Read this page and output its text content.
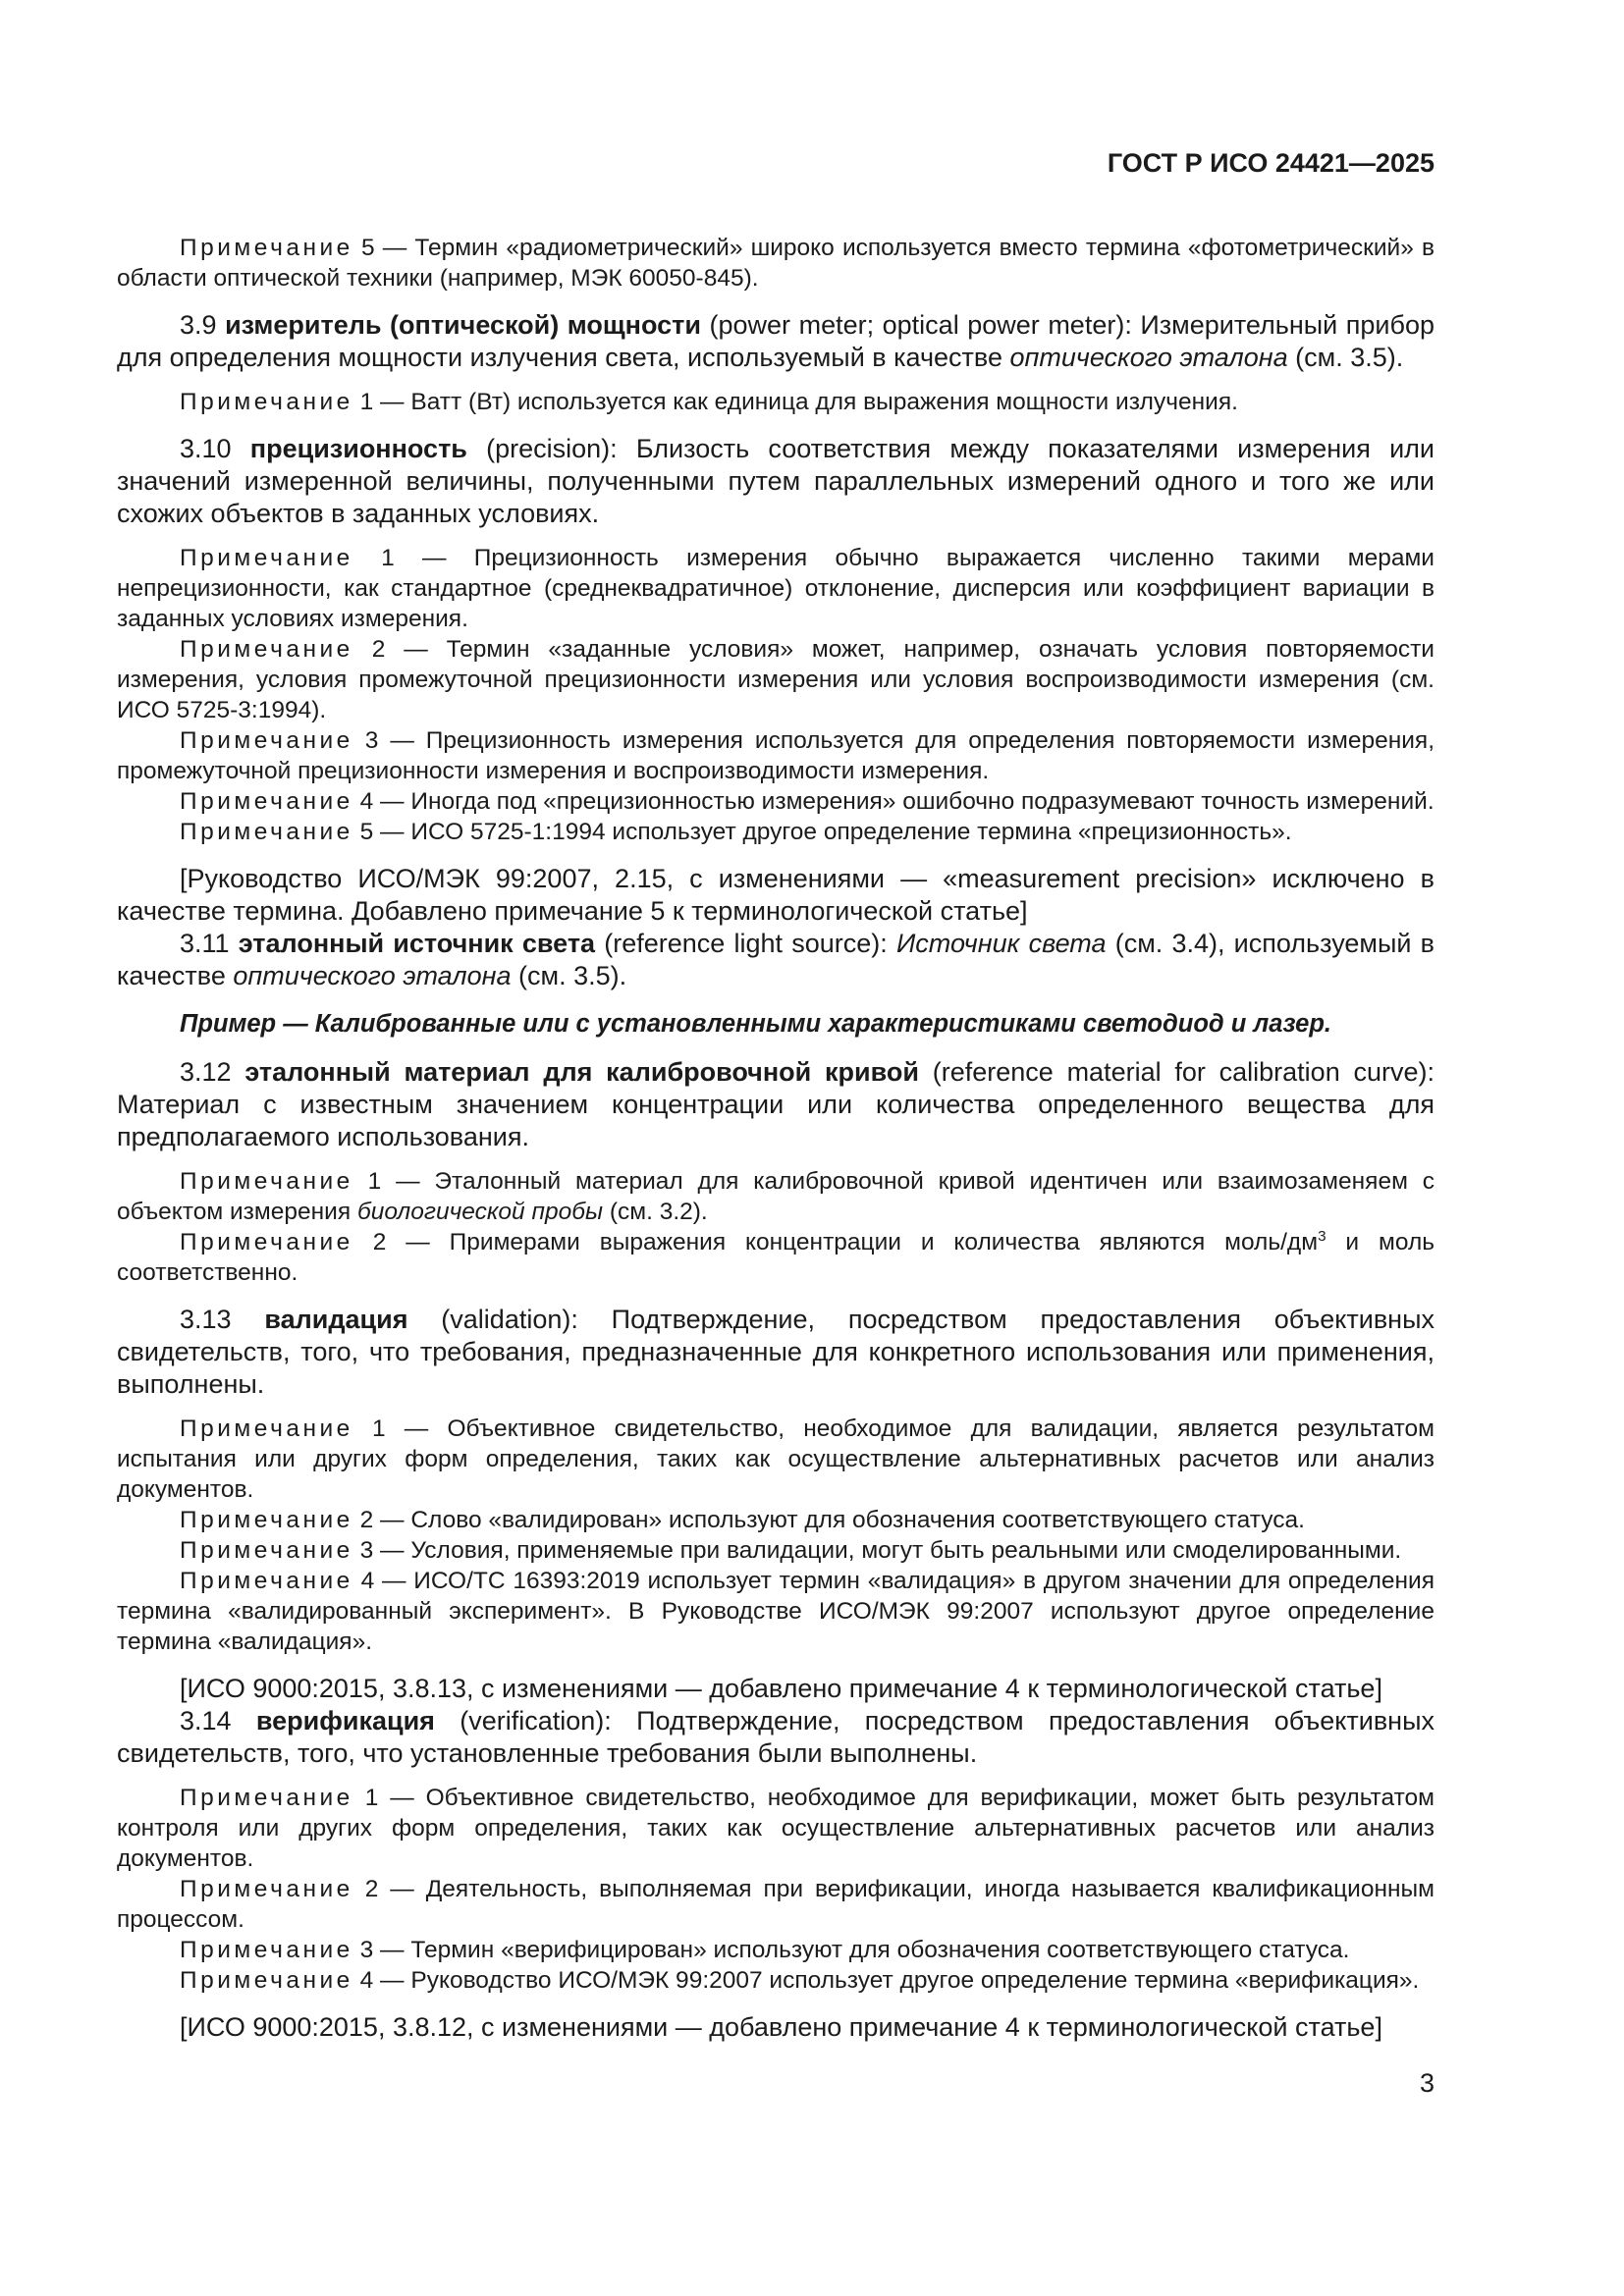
ГОСТ Р ИСО 24421—2025

Примечание 5 — Термин «радиометрический» широко используется вместо термина «фотометрический» в области оптической техники (например, МЭК 60050-845).

3.9 измеритель (оптической) мощности (power meter; optical power meter): Измерительный прибор для определения мощности излучения света, используемый в качестве оптического эталона (см. 3.5).

Примечание 1 — Ватт (Вт) используется как единица для выражения мощности излучения.

3.10 прецизионность (precision): Близость соответствия между показателями измерения или значений измеренной величины, полученными путем параллельных измерений одного и того же или схожих объектов в заданных условиях.

Примечание 1 — Прецизионность измерения обычно выражается численно такими мерами непрецизионности, как стандартное (среднеквадратичное) отклонение, дисперсия или коэффициент вариации в заданных условиях измерения.

Примечание 2 — Термин «заданные условия» может, например, означать условия повторяемости измерения, условия промежуточной прецизионности измерения или условия воспроизводимости измерения (см. ИСО 5725-3:1994).

Примечание 3 — Прецизионность измерения используется для определения повторяемости измерения, промежуточной прецизионности измерения и воспроизводимости измерения.

Примечание 4 — Иногда под «прецизионностью измерения» ошибочно подразумевают точность измерений.

Примечание 5 — ИСО 5725-1:1994 использует другое определение термина «прецизионность».

[Руководство ИСО/МЭК 99:2007, 2.15, с изменениями — «measurement precision» исключено в качестве термина. Добавлено примечание 5 к терминологической статье]

3.11 эталонный источник света (reference light source): Источник света (см. 3.4), используемый в качестве оптического эталона (см. 3.5).

Пример — Калиброванные или с установленными характеристиками светодиод и лазер.

3.12 эталонный материал для калибровочной кривой (reference material for calibration curve): Материал с известным значением концентрации или количества определенного вещества для предполагаемого использования.

Примечание 1 — Эталонный материал для калибровочной кривой идентичен или взаимозаменяем с объектом измерения биологической пробы (см. 3.2).

Примечание 2 — Примерами выражения концентрации и количества являются моль/$дм^3$ и моль соответственно.

3.13 валидация (validation): Подтверждение, посредством предоставления объективных свидетельств, того, что требования, предназначенные для конкретного использования или применения, выполнены.

Примечание 1 — Объективное свидетельство, необходимое для валидации, является результатом испытания или других форм определения, таких как осуществление альтернативных расчетов или анализ документов.

Примечание 2 — Слово «валидирован» используют для обозначения соответствующего статуса.

Примечание 3 — Условия, применяемые при валидации, могут быть реальными или смоделированными.

Примечание 4 — ИСО/ТС 16393:2019 использует термин «валидация» в другом значении для определения термина «валидированный эксперимент». В Руководстве ИСО/МЭК 99:2007 используют другое определение термина «валидация».

[ИСО 9000:2015, 3.8.13, с изменениями — добавлено примечание 4 к терминологической статье]

3.14 верификация (verification): Подтверждение, посредством предоставления объективных свидетельств, того, что установленные требования были выполнены.

Примечание 1 — Объективное свидетельство, необходимое для верификации, может быть результатом контроля или других форм определения, таких как осуществление альтернативных расчетов или анализ документов.

Примечание 2 — Деятельность, выполняемая при верификации, иногда называется квалификационным процессом.

Примечание 3 — Термин «верифицирован» используют для обозначения соответствующего статуса.

Примечание 4 — Руководство ИСО/МЭК 99:2007 использует другое определение термина «верификация».

[ИСО 9000:2015, 3.8.12, с изменениями — добавлено примечание 4 к терминологической статье]

3
